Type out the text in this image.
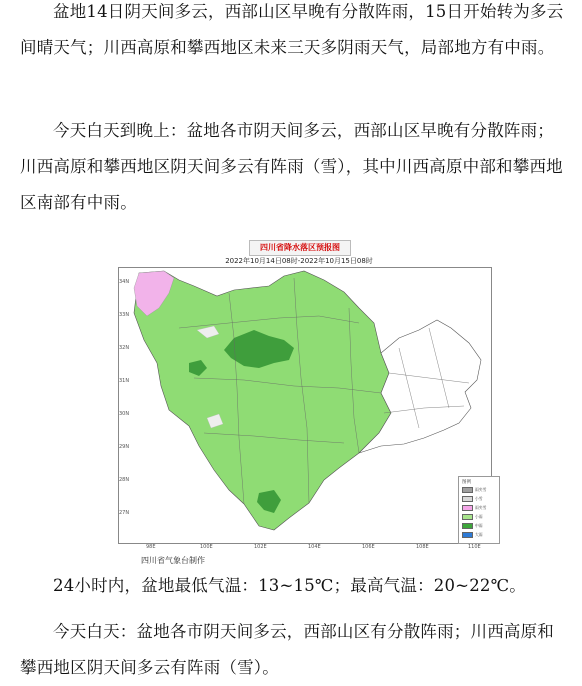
盆地14日阴天间多云，西部山区早晚有分散阵雨，15日开始转为多云间晴天气；川西高原和攀西地区未来三天多阴雨天气，局部地方有中雨。

今天白天到晚上：盆地各市阴天间多云，西部山区早晚有分散阵雨；川西高原和攀西地区阴天间多云有阵雨（雪），其中川西高原中部和攀西地区南部有中雨。

四川省降水落区预报图
2022年10月14日08时-2022年10月15日08时
34N
33N
32N
31N
30N
29N
28N
27N
四川省气象台制作
图例
雨夹雪
小雪
雨夹雪
小雨
中雨
大雨
98E	100E	102E	104E	106E	108E	110E

24小时内，盆地最低气温：13~15℃；最高气温：20~22℃。

今天白天：盆地各市阴天间多云，西部山区有分散阵雨；川西高原和攀西地区阴天间多云有阵雨（雪）。
